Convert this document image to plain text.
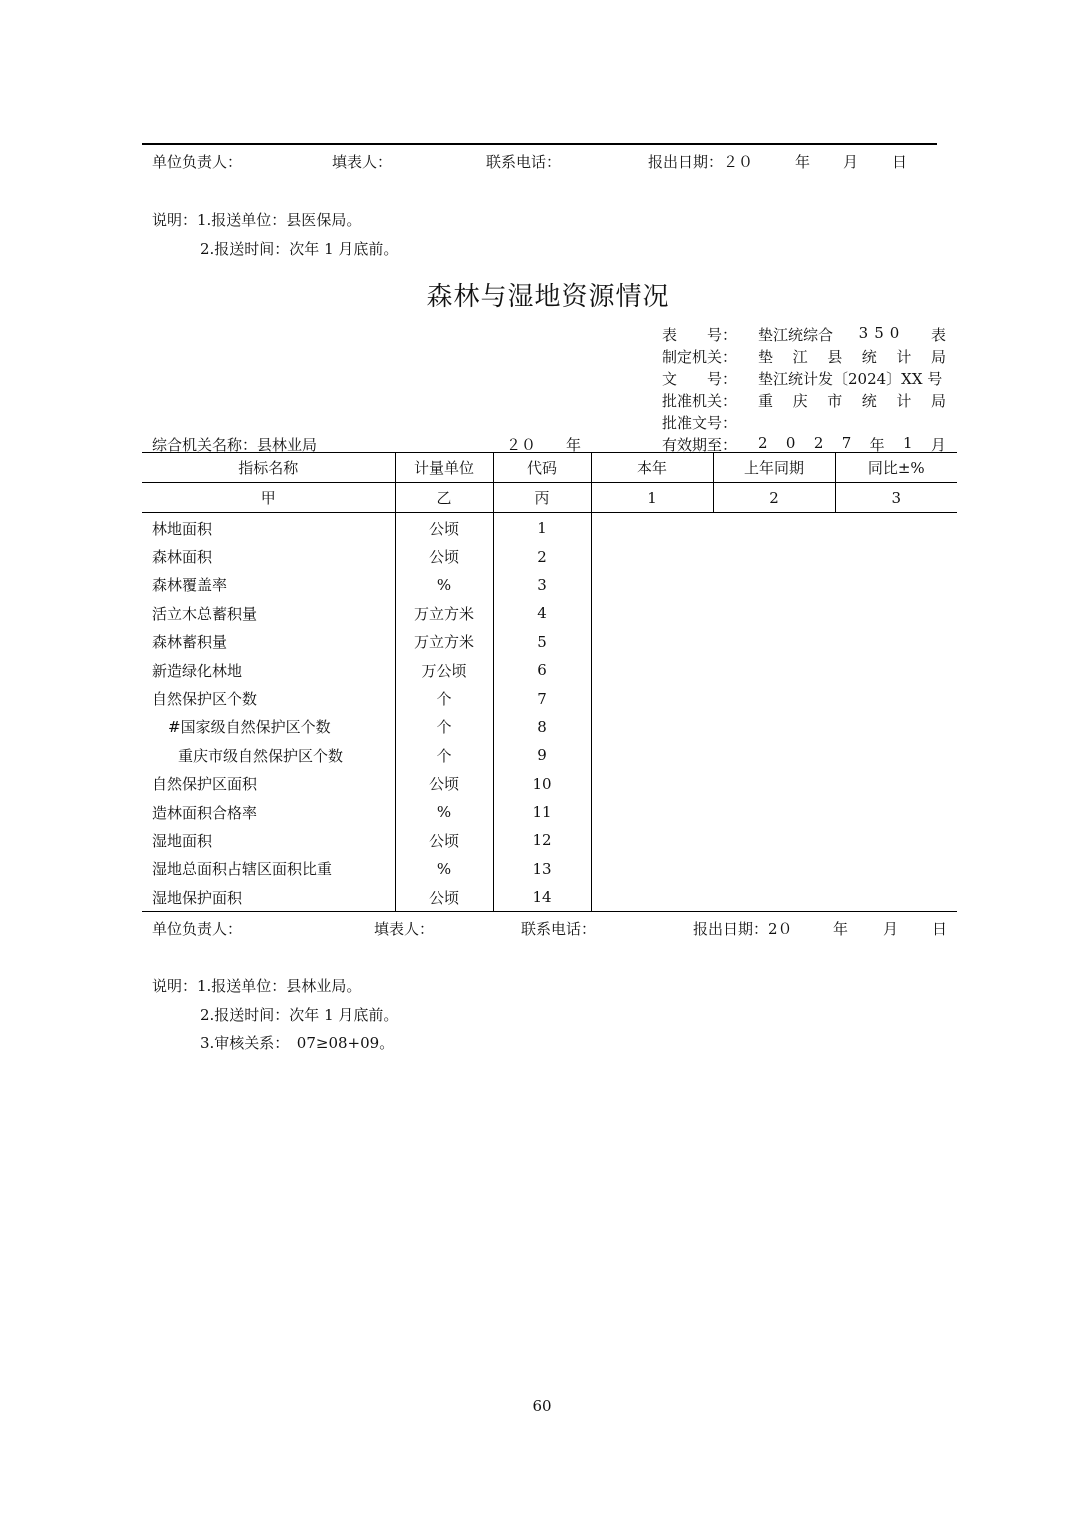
单位负责人：	填表人：	联系电话：	报出日期：２０	年 月 日
说明：1.报送单位：县医保局。
2.报送时间：次年 1 月底前。
森林与湿地资源情况
表　　号： 垫江统综合 350 表
制定机关： 垫 江 县 统 计 局
文　　号： 垫江统计发〔2024〕XX 号
批准机关： 重 庆 市 统 计 局
批准文号：
有效期至： 2 0 2 7 年 1 月
综合机关名称：县林业局	２０　　年
指标名称	计量单位	代码	本年	上年同期	同比±%
甲	乙	丙	1	2	3
林地面积	公顷	1			
森林面积	公顷	2			
森林覆盖率	%	3			
活立木总蓄积量	万立方米	4			
森林蓄积量	万立方米	5			
新造绿化林地	万公顷	6			
自然保护区个数	个	7			
#国家级自然保护区个数	个	8			
重庆市级自然保护区个数	个	9			
自然保护区面积	公顷	10			
造林面积合格率	%	11			
湿地面积	公顷	12			
湿地总面积占辖区面积比重	%	13			
湿地保护面积	公顷	14			
单位负责人：	填表人：	联系电话：	报出日期：2０	年 月 日
说明：1.报送单位：县林业局。
2.报送时间：次年 1 月底前。
3.审核关系：　07≥08+09。
60
